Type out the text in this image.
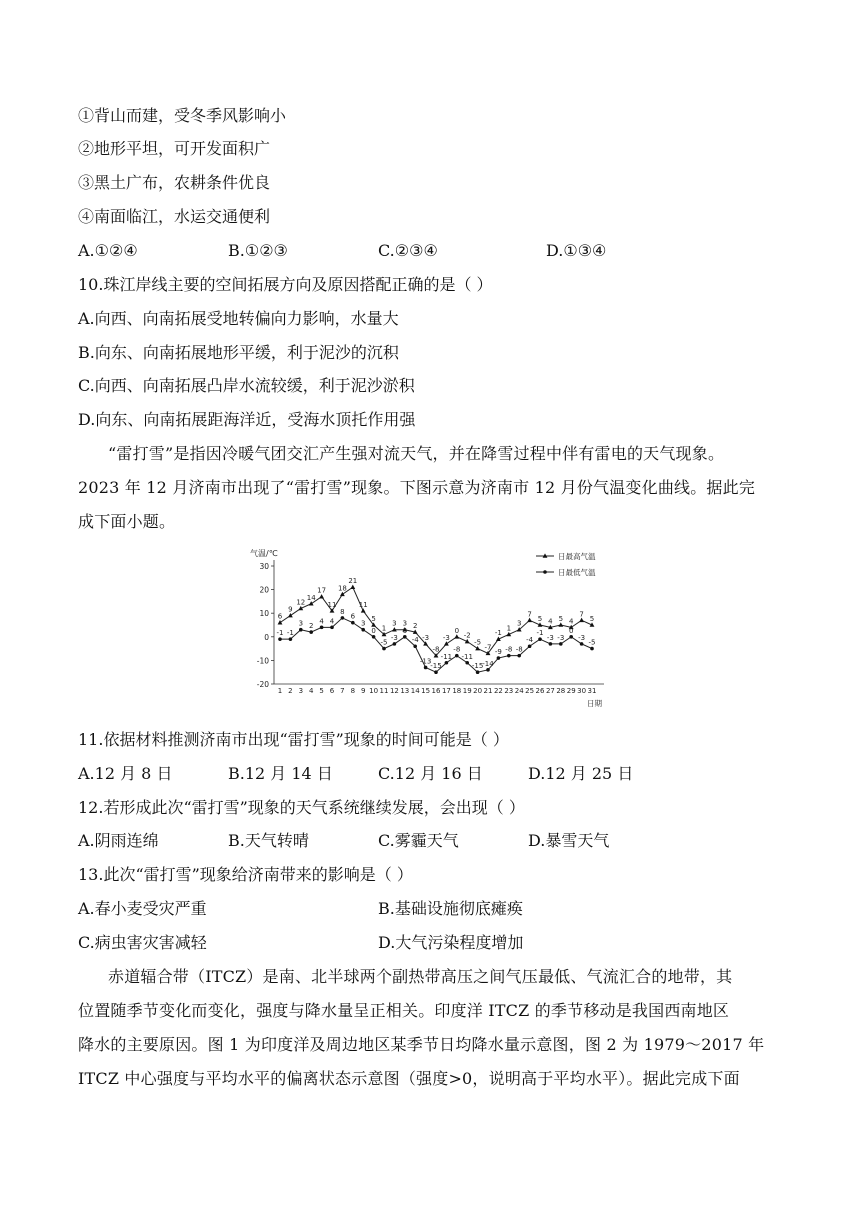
①背山而建，受冬季风影响小
②地形平坦，可开发面积广
③黑土广布，农耕条件优良
④南面临江，水运交通便利
A.①②④	B.①②③	C.②③④	D.①③④
10.珠江岸线主要的空间拓展方向及原因搭配正确的是（ ）
A.向西、向南拓展受地转偏向力影响，水量大
B.向东、向南拓展地形平缓，利于泥沙的沉积
C.向西、向南拓展凸岸水流较缓，利于泥沙淤积
D.向东、向南拓展距海洋近，受海水顶托作用强
“雷打雪”是指因冷暖气团交汇产生强对流天气，并在降雪过程中伴有雷电的天气现象。
2023 年 12 月济南市出现了“雷打雪”现象。下图示意为济南市 12 月份气温变化曲线。据此完
成下面小题。
气温/℃
30
20
10
0
-10
-20
1 2 3 4 5 6 7 8 9 10 11 12 13 14 15 16 17 18 19 20 21 22 23 24 25 26 27 28 29 30 31
日期
6
9
12
14
17
11
18
21
11
5
1
3 3 2
-3
-8
-3
0
-2
-5
-7
-1
1
3
7
5 4 5 4
7
5
-1 -1
3 2
4 4
8
6
3
0
-5
-3
0
-4
-13
-15
-11
-8
-11
-15
-14
-9 -8 -8
-4
-1
-3 -3
0
-3
-5
日最高气温
日最低气温
11.依据材料推测济南市出现“雷打雪”现象的时间可能是（ ）
A.12 月 8 日	B.12 月 14 日	C.12 月 16 日	D.12 月 25 日
12.若形成此次“雷打雪”现象的天气系统继续发展，会出现（ ）
A.阴雨连绵	B.天气转晴	C.雾霾天气	D.暴雪天气
13.此次“雷打雪”现象给济南带来的影响是（ ）
A.春小麦受灾严重	B.基础设施彻底瘫痪
C.病虫害灾害减轻	D.大气污染程度增加
赤道辐合带（ITCZ）是南、北半球两个副热带高压之间气压最低、气流汇合的地带，其
位置随季节变化而变化，强度与降水量呈正相关。印度洋 ITCZ 的季节移动是我国西南地区
降水的主要原因。图 1 为印度洋及周边地区某季节日均降水量示意图，图 2 为 1979～2017 年
ITCZ 中心强度与平均水平的偏离状态示意图（强度>0，说明高于平均水平）。据此完成下面
